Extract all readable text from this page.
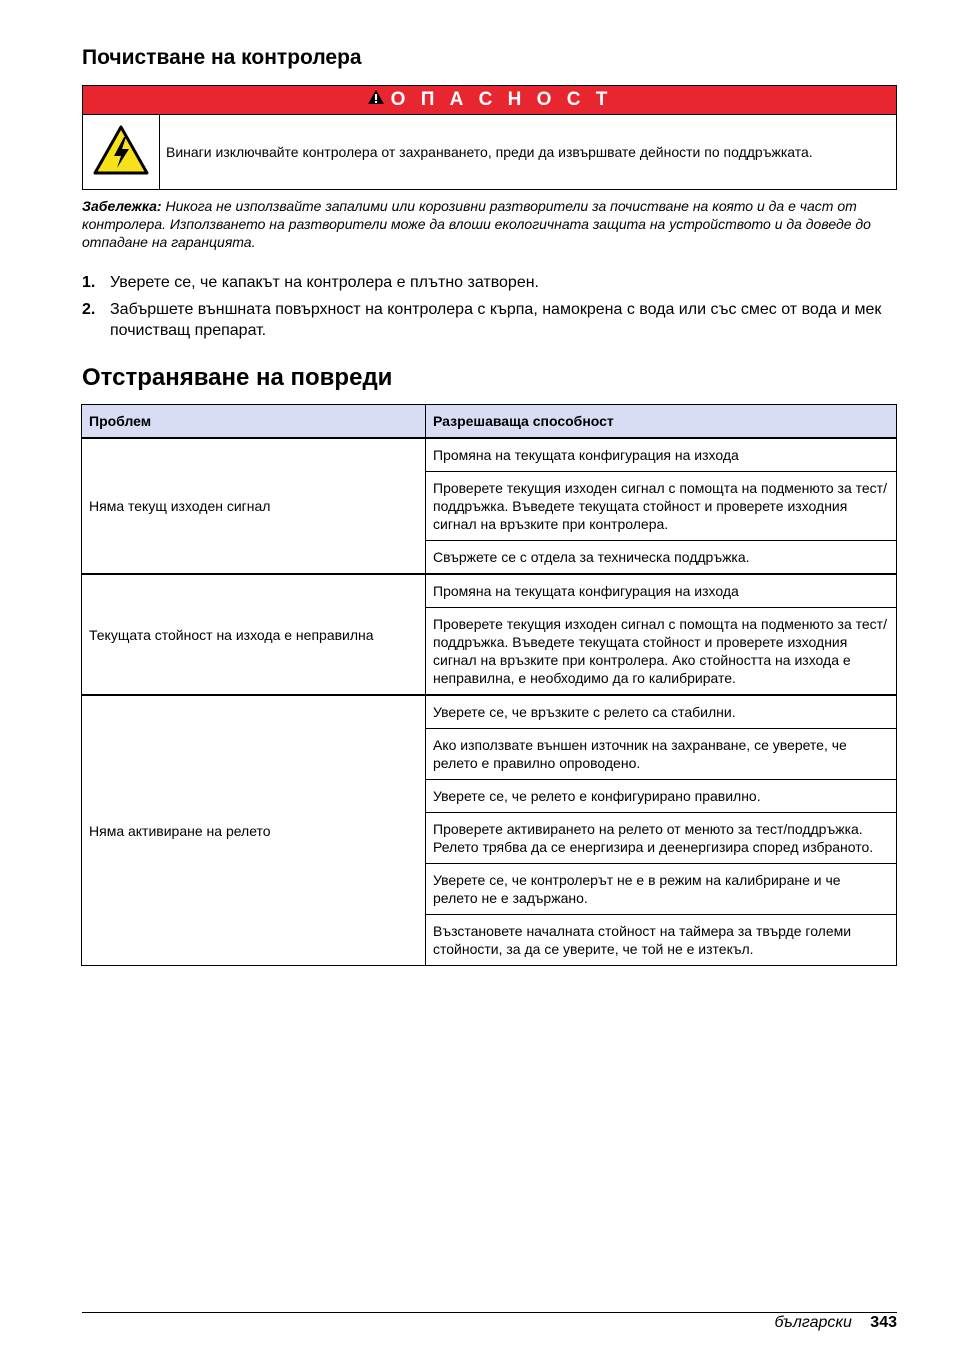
Почистване на контролера
О П А С Н О С Т
Винаги изключвайте контролера от захранването, преди да извършвате дейности по поддръжката.
Забележка: Никога не използвайте запалими или корозивни разтворители за почистване на която и да е част от контролера. Използването на разтворители може да влоши екологичната защита на устройството и да доведе до отпадане на гаранцията.
1. Уверете се, че капакът на контролера е плътно затворен.
2. Забършете външната повърхност на контролера с кърпа, намокрена с вода или със смес от вода и мек почистващ препарат.
Отстраняване на повреди
Проблем	Разрешаваща способност
Няма текущ изходен сигнал	Промяна на текущата конфигурация на изхода
	Проверете текущия изходен сигнал с помощта на подменюто за тест/поддръжка. Въведете текущата стойност и проверете изходния сигнал на връзките при контролера.
	Свържете се с отдела за техническа поддръжка.
Текущата стойност на изхода е неправилна	Промяна на текущата конфигурация на изхода
	Проверете текущия изходен сигнал с помощта на подменюто за тест/поддръжка. Въведете текущата стойност и проверете изходния сигнал на връзките при контролера. Ако стойността на изхода е неправилна, е необходимо да го калибрирате.
Няма активиране на релето	Уверете се, че връзките с релето са стабилни.
	Ако използвате външен източник на захранване, се уверете, че релето е правилно опроводено.
	Уверете се, че релето е конфигурирано правилно.
	Проверете активирането на релето от менюто за тест/поддръжка. Релето трябва да се енергизира и деенергизира според избраното.
	Уверете се, че контролерът не е в режим на калибриране и че релето не е задържано.
	Възстановете началната стойност на таймера за твърде големи стойности, за да се уверите, че той не е изтекъл.
български 343
